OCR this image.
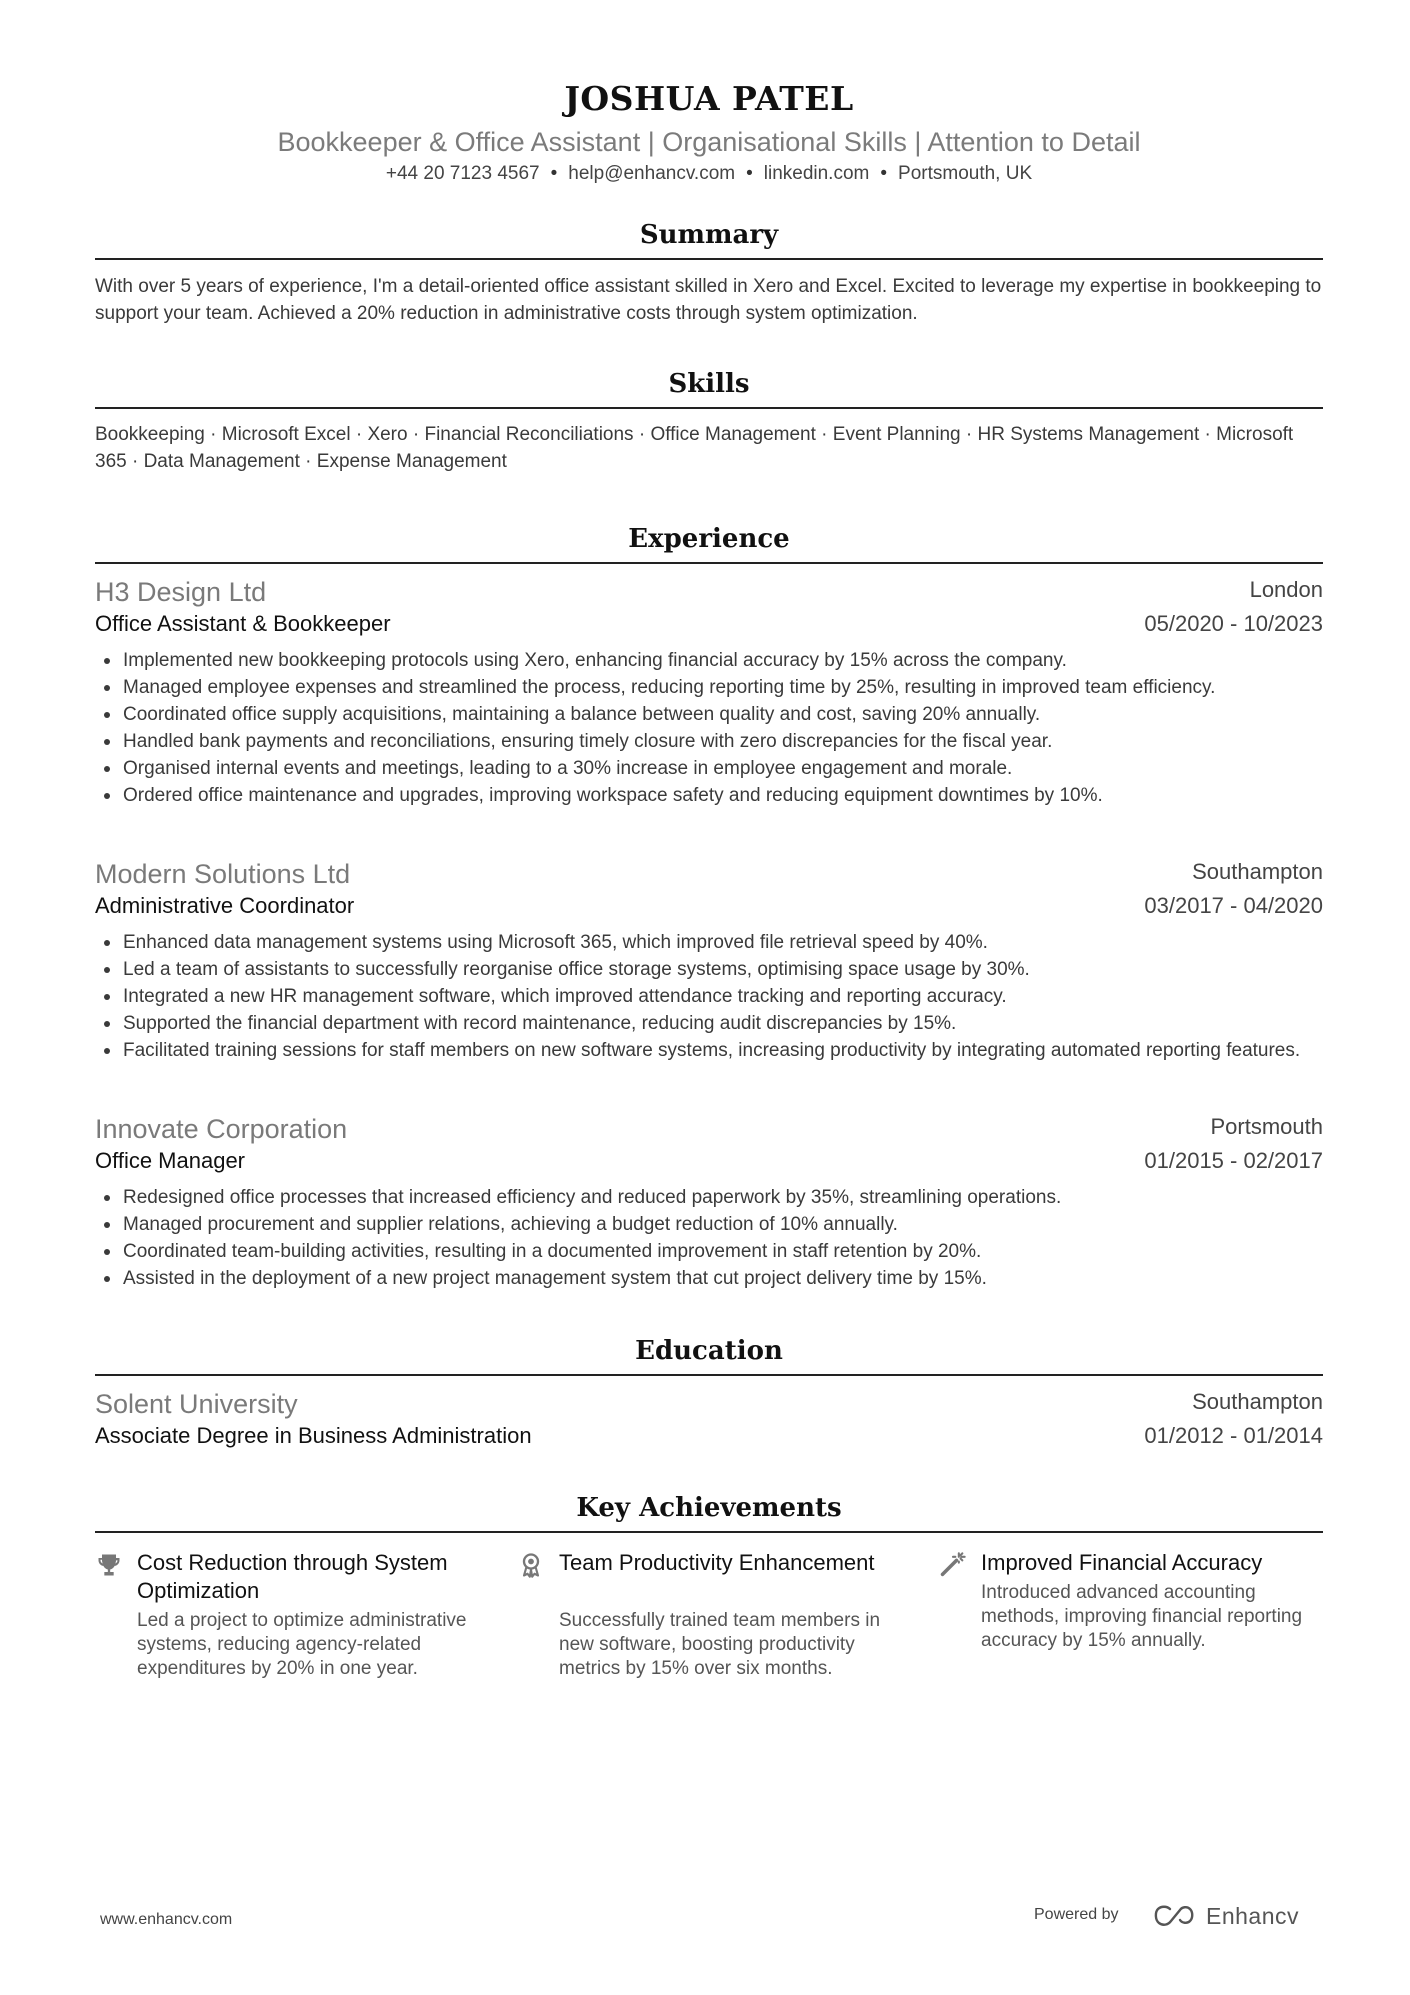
JOSHUA PATEL
Bookkeeper & Office Assistant | Organisational Skills | Attention to Detail
+44 20 7123 4567 • help@enhancv.com • linkedin.com • Portsmouth, UK
Summary
With over 5 years of experience, I'm a detail-oriented office assistant skilled in Xero and Excel. Excited to leverage my expertise in bookkeeping to support your team. Achieved a 20% reduction in administrative costs through system optimization.
Skills
Bookkeeping · Microsoft Excel · Xero · Financial Reconciliations · Office Management · Event Planning · HR Systems Management · Microsoft 365 · Data Management · Expense Management
Experience
H3 Design Ltd	London
Office Assistant & Bookkeeper	05/2020 - 10/2023
Implemented new bookkeeping protocols using Xero, enhancing financial accuracy by 15% across the company.
Managed employee expenses and streamlined the process, reducing reporting time by 25%, resulting in improved team efficiency.
Coordinated office supply acquisitions, maintaining a balance between quality and cost, saving 20% annually.
Handled bank payments and reconciliations, ensuring timely closure with zero discrepancies for the fiscal year.
Organised internal events and meetings, leading to a 30% increase in employee engagement and morale.
Ordered office maintenance and upgrades, improving workspace safety and reducing equipment downtimes by 10%.
Modern Solutions Ltd	Southampton
Administrative Coordinator	03/2017 - 04/2020
Enhanced data management systems using Microsoft 365, which improved file retrieval speed by 40%.
Led a team of assistants to successfully reorganise office storage systems, optimising space usage by 30%.
Integrated a new HR management software, which improved attendance tracking and reporting accuracy.
Supported the financial department with record maintenance, reducing audit discrepancies by 15%.
Facilitated training sessions for staff members on new software systems, increasing productivity by integrating automated reporting features.
Innovate Corporation	Portsmouth
Office Manager	01/2015 - 02/2017
Redesigned office processes that increased efficiency and reduced paperwork by 35%, streamlining operations.
Managed procurement and supplier relations, achieving a budget reduction of 10% annually.
Coordinated team-building activities, resulting in a documented improvement in staff retention by 20%.
Assisted in the deployment of a new project management system that cut project delivery time by 15%.
Education
Solent University	Southampton
Associate Degree in Business Administration	01/2012 - 01/2014
Key Achievements
Cost Reduction through System Optimization
Led a project to optimize administrative systems, reducing agency-related expenditures by 20% in one year.
Team Productivity Enhancement
Successfully trained team members in new software, boosting productivity metrics by 15% over six months.
Improved Financial Accuracy
Introduced advanced accounting methods, improving financial reporting accuracy by 15% annually.
www.enhancv.com	Powered by	Enhancv
